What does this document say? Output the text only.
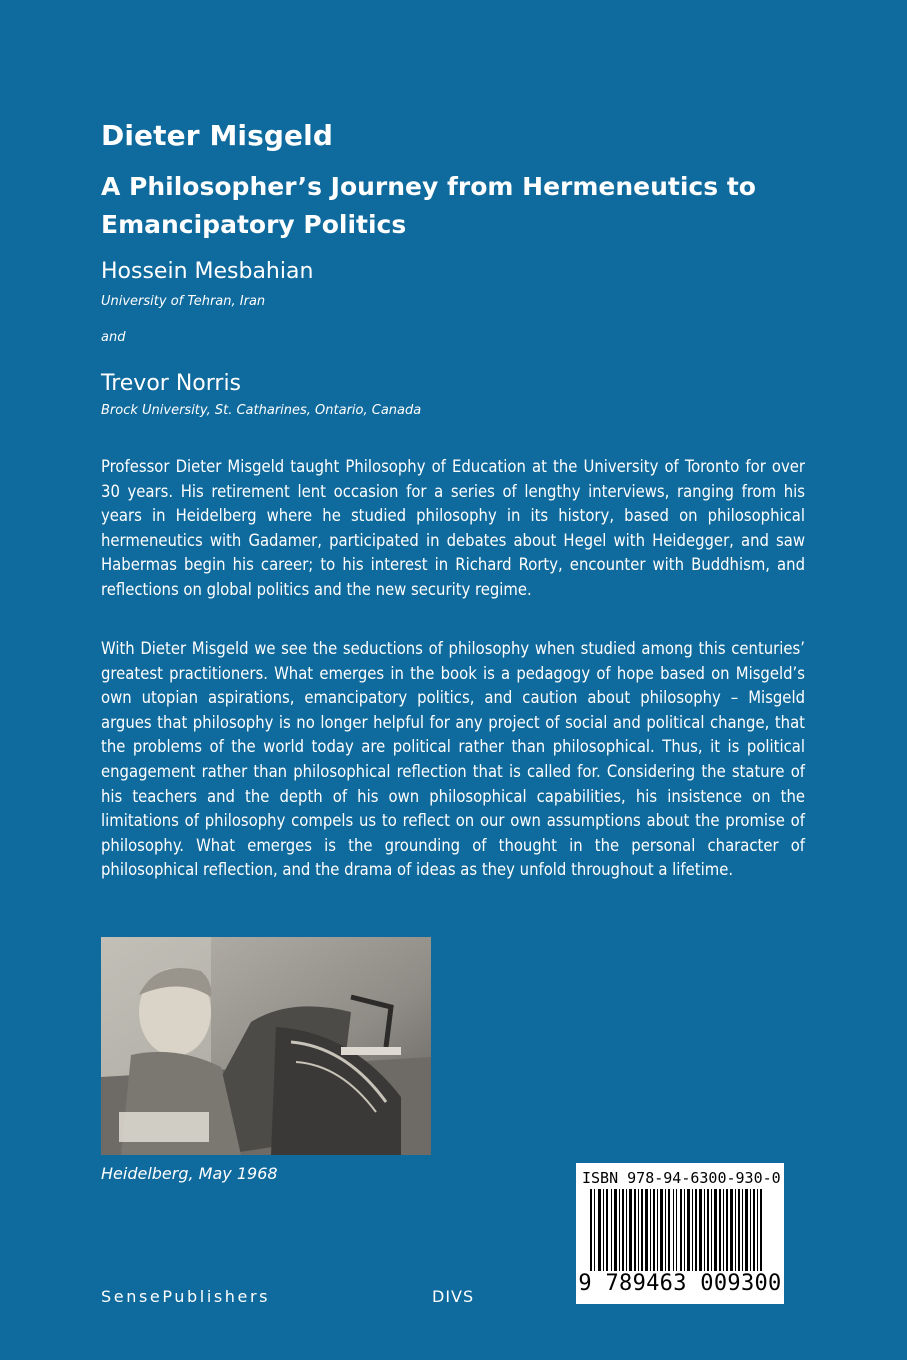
Dieter Misgeld
A Philosopher’s Journey from Hermeneutics to Emancipatory Politics
Hossein Mesbahian
University of Tehran, Iran
and
Trevor Norris
Brock University, St. Catharines, Ontario, Canada

Professor Dieter Misgeld taught Philosophy of Education at the University of Toronto for over 30 years. His retirement lent occasion for a series of lengthy interviews, ranging from his years in Heidelberg where he studied philosophy in its history, based on philosophical hermeneutics with Gadamer, participated in debates about Hegel with Heidegger, and saw Habermas begin his career; to his interest in Richard Rorty, encounter with Buddhism, and reflections on global politics and the new security regime.

With Dieter Misgeld we see the seductions of philosophy when studied among this centuries’ greatest practitioners. What emerges in the book is a pedagogy of hope based on Misgeld’s own utopian aspirations, emancipatory politics, and caution about philosophy – Misgeld argues that philosophy is no longer helpful for any project of social and political change, that the problems of the world today are political rather than philosophical. Thus, it is political engagement rather than philosophical reflection that is called for. Considering the stature of his teachers and the depth of his own philosophical capabilities, his insistence on the limitations of philosophy compels us to reflect on our own assumptions about the promise of philosophy. What emerges is the grounding of thought in the personal character of philosophical reflection, and the drama of ideas as they unfold throughout a lifetime.

Heidelberg, May 1968
SensePublishers	DIVS
ISBN 978-94-6300-930-0
9 789463 009300
